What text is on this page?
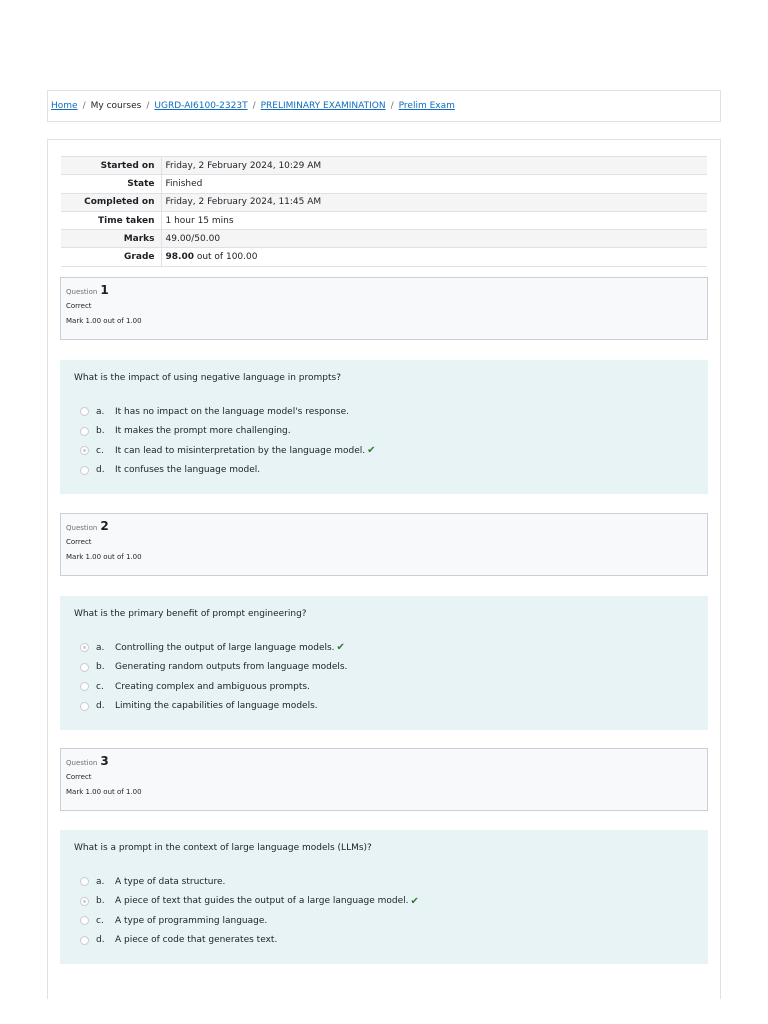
Home / My courses / UGRD-AI6100-2323T / PRELIMINARY EXAMINATION / Prelim Exam
Started on	Friday, 2 February 2024, 10:29 AM
State	Finished
Completed on	Friday, 2 February 2024, 11:45 AM
Time taken	1 hour 15 mins
Marks	49.00/50.00
Grade	98.00 out of 100.00
Question 1
Correct
Mark 1.00 out of 1.00
What is the impact of using negative language in prompts?
a.	It has no impact on the language model's response.
b.	It makes the prompt more challenging.
c.	It can lead to misinterpretation by the language model. ✔
d.	It confuses the language model.
Question 2
Correct
Mark 1.00 out of 1.00
What is the primary benefit of prompt engineering?
a.	Controlling the output of large language models. ✔
b.	Generating random outputs from language models.
c.	Creating complex and ambiguous prompts.
d.	Limiting the capabilities of language models.
Question 3
Correct
Mark 1.00 out of 1.00
What is a prompt in the context of large language models (LLMs)?
a.	A type of data structure.
b.	A piece of text that guides the output of a large language model. ✔
c.	A type of programming language.
d.	A piece of code that generates text.
